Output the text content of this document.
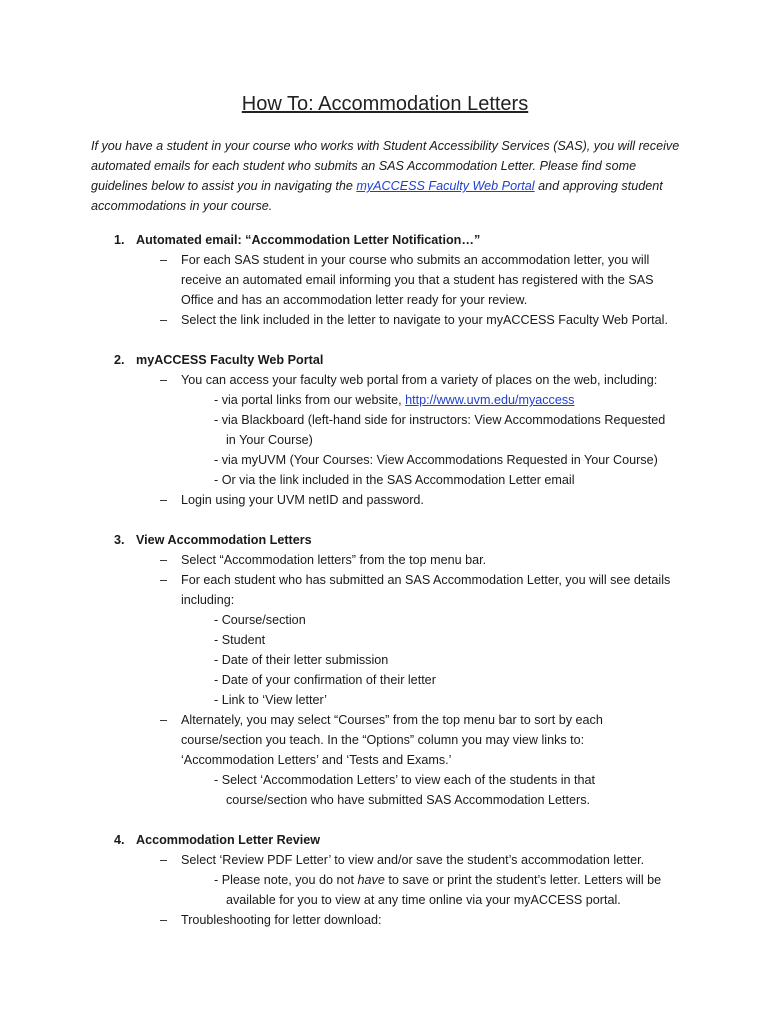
How To: Accommodation Letters
If you have a student in your course who works with Student Accessibility Services (SAS), you will receive automated emails for each student who submits an SAS Accommodation Letter. Please find some guidelines below to assist you in navigating the myACCESS Faculty Web Portal and approving student accommodations in your course.
1. Automated email: “Accommodation Letter Notification…”
– For each SAS student in your course who submits an accommodation letter, you will
receive an automated email informing you that a student has registered with the SAS
Office and has an accommodation letter ready for your review.
– Select the link included in the letter to navigate to your myACCESS Faculty Web Portal.
2. myACCESS Faculty Web Portal
– You can access your faculty web portal from a variety of places on the web, including:
- via portal links from our website, http://www.uvm.edu/myaccess
- via Blackboard (left-hand side for instructors: View Accommodations Requested
in Your Course)
- via myUVM (Your Courses: View Accommodations Requested in Your Course)
- Or via the link included in the SAS Accommodation Letter email
– Login using your UVM netID and password.
3. View Accommodation Letters
– Select “Accommodation letters” from the top menu bar.
– For each student who has submitted an SAS Accommodation Letter, you will see details
including:
- Course/section
- Student
- Date of their letter submission
- Date of your confirmation of their letter
- Link to ‘View letter’
– Alternately, you may select “Courses” from the top menu bar to sort by each
course/section you teach. In the “Options” column you may view links to:
‘Accommodation Letters’ and ‘Tests and Exams.’
- Select ‘Accommodation Letters’ to view each of the students in that
course/section who have submitted SAS Accommodation Letters.
4. Accommodation Letter Review
– Select ‘Review PDF Letter’ to view and/or save the student’s accommodation letter.
- Please note, you do not have to save or print the student’s letter. Letters will be
available for you to view at any time online via your myACCESS portal.
– Troubleshooting for letter download:
